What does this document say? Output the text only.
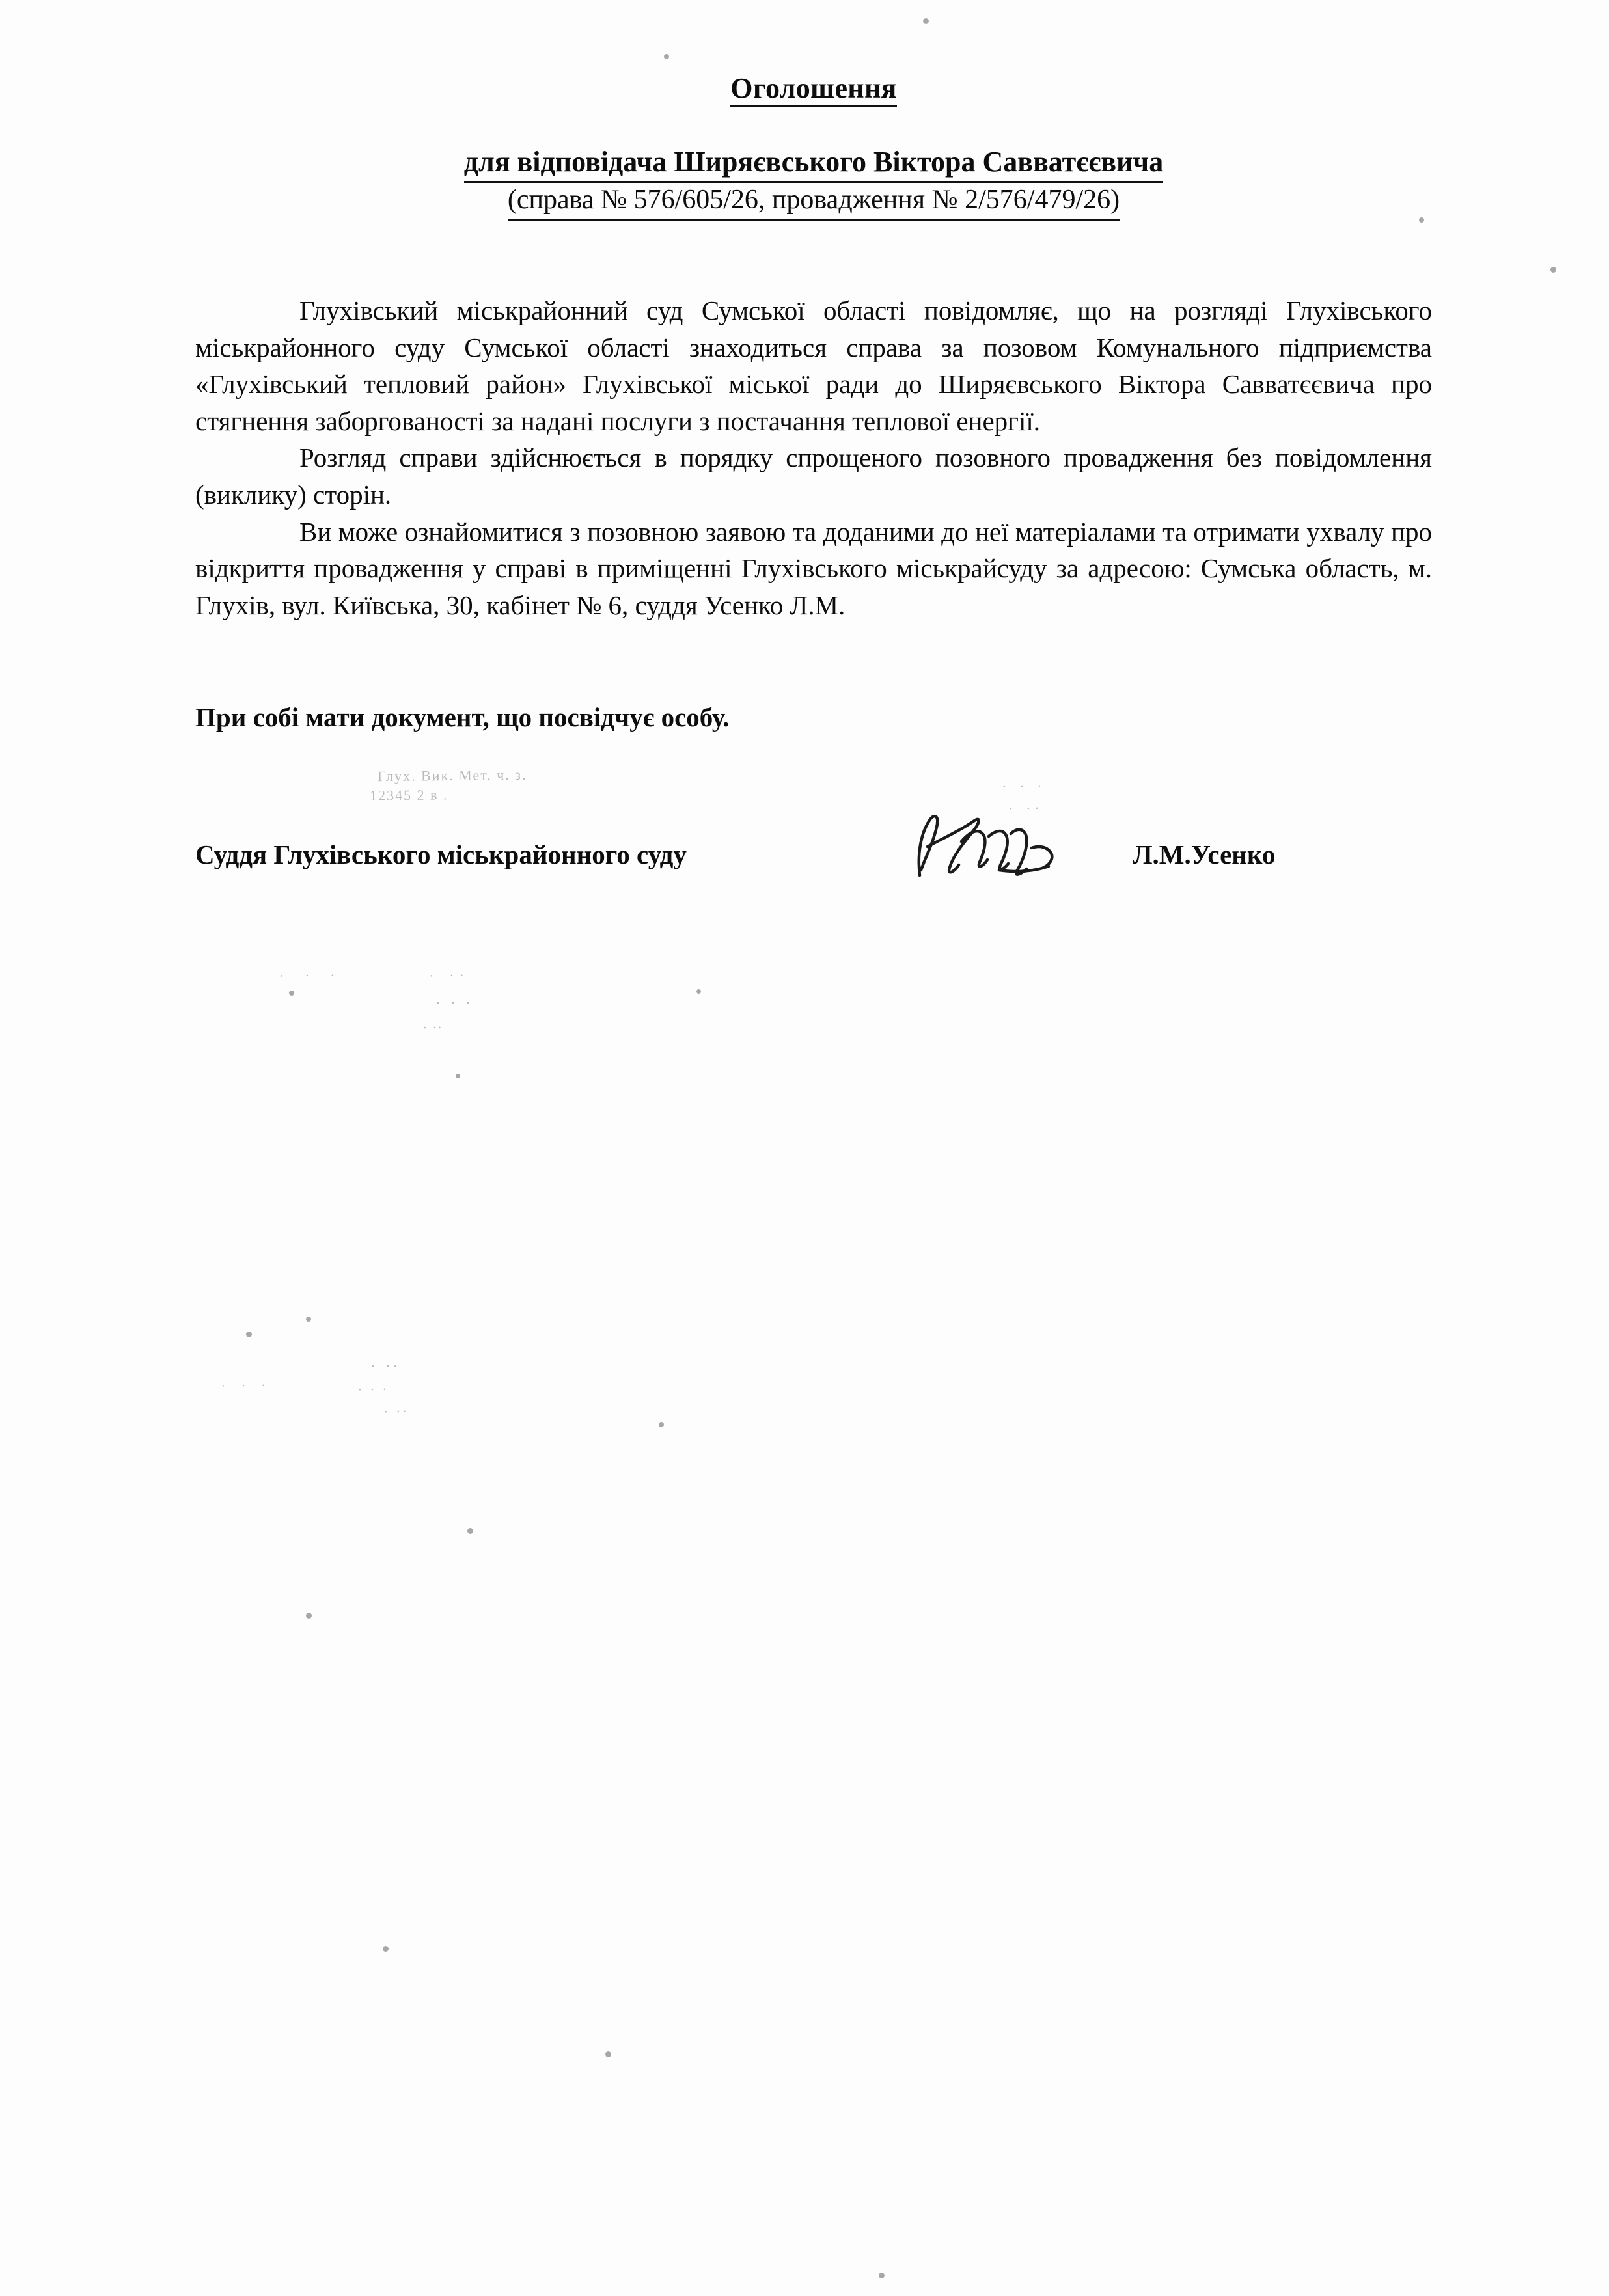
Глух. Вик. Мет. ч. з.
12345 2 в .
. . .
. ..
. . .	. ..
. . .
. ..
. . .
. ..
. . .
. ..
Оголошення
для відповідача Ширяєвського Віктора Савватєєвича
(справа № 576/605/26, провадження № 2/576/479/26)

Глухівський міськрайонний суд Сумської області повідомляє, що на розгляді Глухівського міськрайонного суду Сумської області знаходиться справа за позовом Комунального підприємства «Глухівський тепловий район» Глухівської міської ради до Ширяєвського Віктора Савватєєвича про стягнення заборгованості за надані послуги з постачання теплової енергії.

Розгляд справи здійснюється в порядку спрощеного позовного провадження без повідомлення (виклику) сторін.

Ви може ознайомитися з позовною заявою та доданими до неї матеріалами та отримати ухвалу про відкриття провадження у справі в приміщенні Глухівського міськрайсуду за адресою: Сумська область, м. Глухів, вул. Київська, 30, кабінет № 6, суддя Усенко Л.М.

При собі мати документ, що посвідчує особу.
Суддя Глухівського міськрайонного суду	Л.М.Усенко
